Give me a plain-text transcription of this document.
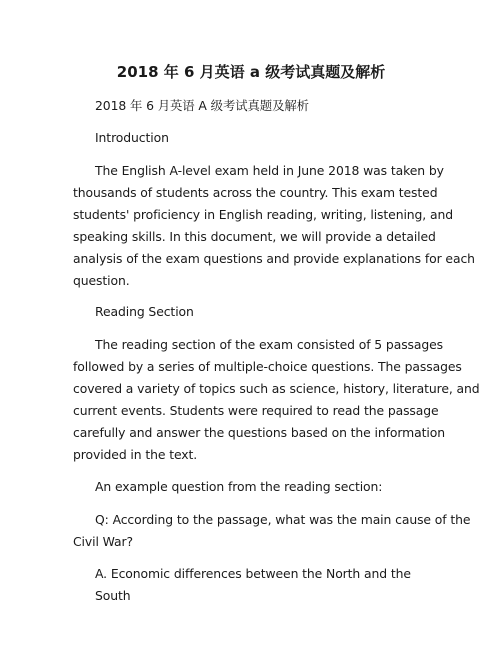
2018 年 6 月英语 a 级考试真题及解析
2018 年 6 月英语 A 级考试真题及解析
Introduction
The English A-level exam held in June 2018 was taken by
thousands of students across the country. This exam tested
students' proficiency in English reading, writing, listening, and
speaking skills. In this document, we will provide a detailed
analysis of the exam questions and provide explanations for each
question.
Reading Section
The reading section of the exam consisted of 5 passages
followed by a series of multiple-choice questions. The passages
covered a variety of topics such as science, history, literature, and
current events. Students were required to read the passage
carefully and answer the questions based on the information
provided in the text.
An example question from the reading section:
Q: According to the passage, what was the main cause of the
Civil War?
A. Economic differences between the North and the South
